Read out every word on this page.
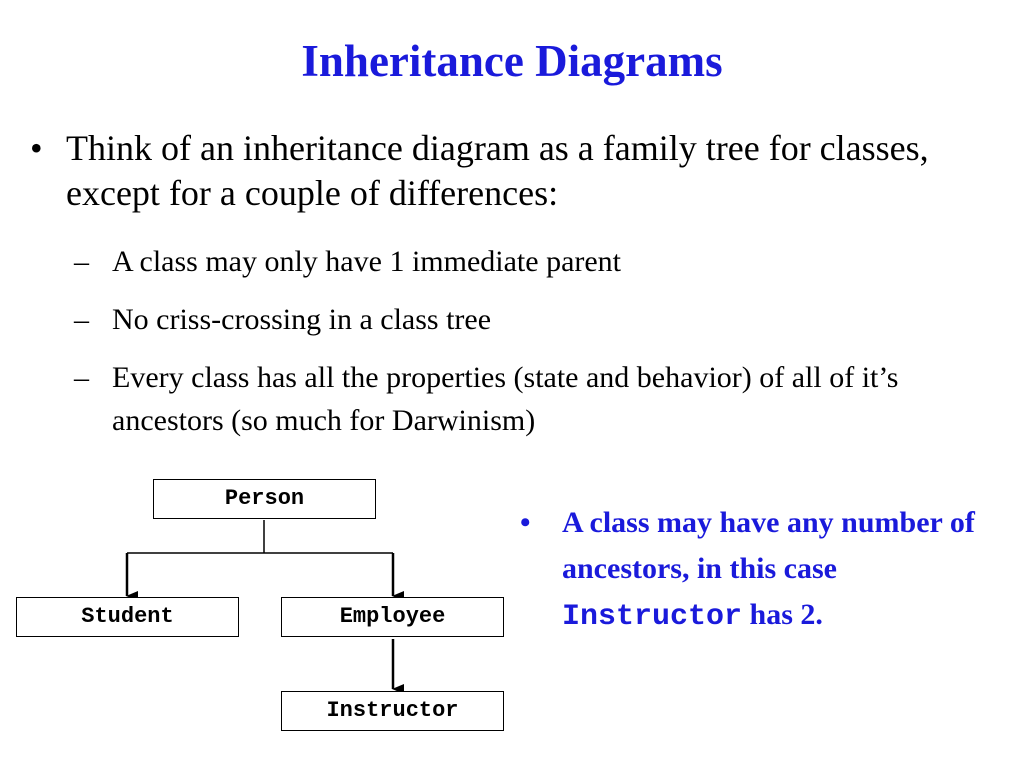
Inheritance Diagrams
• Think of an inheritance diagram as a family tree for classes, except for a couple of differences:
– A class may only have 1 immediate parent
– No criss-crossing in a class tree
– Every class has all the properties (state and behavior) of all of it’s ancestors (so much for Darwinism)
Person
Student	Employee
Instructor
• A class may have any number of ancestors, in this case Instructor has 2.
